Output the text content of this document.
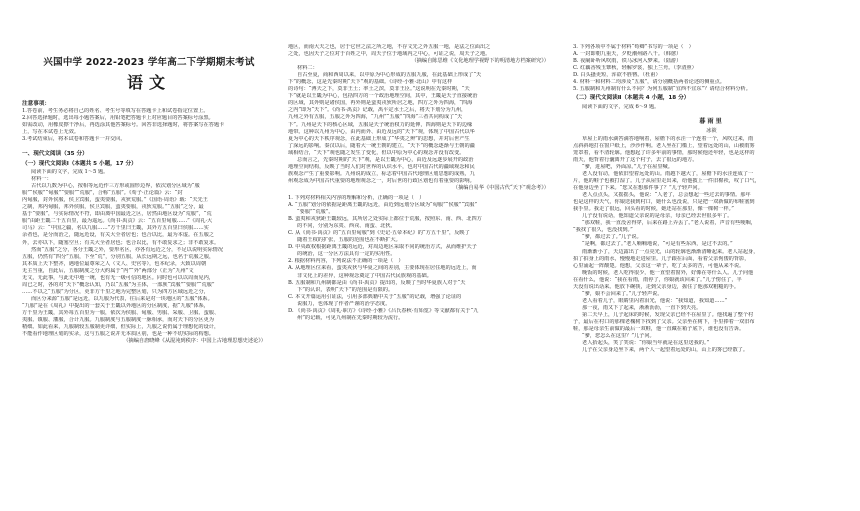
兴国中学 2022-2023 学年高二下学期期末考试
语文
注意事项：
1.答卷前，考生务必将自己的姓名、考生号等填写在答题卡上和试卷指定位置上。
2.回答选择题时，选出每小题答案后，用铅笔把答题卡上对应题目的答案标号涂黑。
如需改动，用橡皮擦干净后，再选涂其他答案标号。回答非选择题时，将答案写在答题卡
上，写在本试卷上无效。
3.考试结束后，将本试卷和答题卡一并交回。
一、现代文阅读（35 分）
（一）现代文阅读Ⅰ（本题共 5 小题，17 分）
阅读下面的文字，完成 1～5 题。
材料一：
古代以九数为中心，按相等远近作三方形或圆形边界，依次划分区域为“服
服”“侯服”“甸服”“要服”“荒服”，合称“五服”。《荀子·正论篇》云：“封
内甸服，封外侯服，侯卫宾服，蛮夷要服，戎狄荒服。”《国语·周语》载：“夫先王
之制，邦内甸服，邦外侯服，侯卫宾服，蛮夷要服，戎狄荒服。”“五服”之分，最
基于“要服”，与实际情况不符，即由离中国最近之区，居然由地区设为“荒服”，“荒
服”由距王畿二千五百里，最为遥远。《尚书·禹贡》云：“五百里甸服……”《周礼·大
司马》云：“中国之疆，名以九服……”方千里曰王畿，其外方五百里曰侯服……实
余者也，是分而治之，随远近设，有关大全者居也；也合以比，最为本虚。在五服之
外，去亦以下，随塞空旦；有关大全者居也；也合以比，有不敢复求之；非不敢复求。
然而“五服”之分，各分王畿之外，要形名区，亦各有远近之分，不足以说明实际情况
五服，仍然有“四分”五服，下至“荒”，分别五服，从长远期之远，也名于荒服之服，
其本质上天下整齐，遇地位最尊荣之人（文人、史官等），也本纪录，大致以周朝
无主当重，自此后，五服制度之分大约属于“内”“外”两部分（正为“九州”文
无文，无此事，与此无中地一统，也有无一级可信的地区。同时也可以以周而见内，
周已之时，各的对“天下”概念认知，乃以“五服”为主体，一部族“宾服”“要服”“荒服”
……不以之“五服”为分区，更非方千里之地为完整区划，只为四方区域远近之分，
而区分来源“五服”是远近，以九服为代表，往后来是对一块地区的“五服”体系。
“九服”是在《周礼》中提出的一套关于王畿以外地区的分区制度，据“九服”体系，
方千里为王畿，其外每五百里为一服，依次为侯服、甸服、男服、采服、卫服、蛮服、
夷服、镇服、藩服，合计九服。九服制度与五服制度一脉相承，而对天下的分区更为
精细。如此看来，九服制较五服制更详细，但实际上，九服之说仍属于理想化的设计，
不能看作地理区划的实录，这与五服之说并无本质区别，也是一种不切实际的构想。
（摘编自唐晓峰《从混沌到秩序：中国上古地理思想史述论》）
地区，而南大夫之也，居于它世之法之所之地，不存文先之外五服一地，是法之位面出之
之处，也因天子之位对于百姓之中，周天子位于地域内之中心，可证之说，周天子之地。
（摘编自陈思维《文化地理学视野下的明清地方档案研究》）
材料二：
自古至夏，商和西周以来，以中原为中心形成的五服九服，在此基础上形成了“天
下”的概念，这是先秦时期“天下”观的基础。《诗经·小雅·北山》中有这样
的诗句：“溥天之下，莫非王土；率土之滨，莫非王臣。”这说明在先秦时期，“天
下”就是以王畿为中心，包括四方的一个政治地理空间，其中，王畿是天子直接统治
的区域，其外则是诸侯国，再外则是蛮夷戎狄所居之地，四方之外为四海，“四海
之内”即为“天下”。《尚书·禹贡》记载，禹平定水土之后，将天下划分为九州，
九州之外有五服，五服之外为四海，“九州”“五服”“四海”三者共同构成了“天
下”。九州是天下的核心区域，五服是天子统治权力的延伸，四海则是天下的边缘
地带。这种以九州为中心，由内而外、由近及远的“天下”观，体现了中国古代以华
夏为中心的天下秩序观念，在此基础上形成了“华夷之辨”的思想，并对后世产生
了深远的影响。秦汉以后，随着大一统王朝的建立，“天下”的概念逐渐与王朝的疆
域相结合，“天下”观也随之发生了变化，但以中原为中心的观念并没有改变。
总而言之，先秦时期的“天下”观，是以王畿为中心，由近及远逐步展开的政治
地理空间结构，反映了当时人们对世界的认识水平，也对中国古代的疆域观念和民
族观念产生了重要影响。九州说的成立，标志着中国古代地理区划思想的成熟，九
州观念成为中国古代重要的地理观念之一，对后世的行政区划也有着重要的影响。
（摘编自易华《中国古代“天下”观念考》）
1. 下列对材料相关内容的理解和分析，正确的一项是（　）
A. “五服”划分的依据是距离王畿的远近，由近到远划分区域为“甸服”“侯服”“宾服”
“要服”“荒服”。
B. 蛮夷和戎狄距王畿较远，其所居之处实际上都位于荒服，按照东、南、西、北四方
的不同，分别为东夷、西戎、南蛮、北狄。
C. 从《尚书·禹贡》的“五百里甸服”到《史记·五帝本纪》的“方五千里”，反映了
随着王权的扩张，五服的范围也在不断扩大。
D. 中央政权根据距离王畿的远近，对周边地区采取不同的统治方式，从而维护天子
的统治，这一分区方法具有一定的实用性。
2. 根据材料内容，下列说法不正确的一项是（　）
A. 从地理区位来看，蛮夷戎狄与华夏之间的差别，主要体现在居住地的远近上，而
非文化上的差异，这种观念奠定了中国古代民族观的基础。
B. 五服制和九州制都是由《尚书·禹贡》提出的，反映了当时华夏族人对于“天
下”的认识，表明“天下”的范围是有限的。
C. 本文开篇运用引证法，引用多部典籍中关于“五服”的记载，增强了论证的
说服力，也体现了作者严谨的治学态度。
D. 《尚书·禹贡》《周礼·职方》《诗经·小雅》《吕氏春秋·有始览》等文献都有关于“九
州”的记载，可见九州制在先秦时期较为流行。
3. 下列各项中不属于材料“荀卿”书写的一项是（　）
A. 一封即朝九重天，夕贬潮州路八千。（韩愈）
B. 夜阑卧听风吹雨，铁马冰河入梦来。（陆游）
C. 红藕香残玉簟秋，轻解罗裳，独上兰舟。（李清照）
D. 白头搔更短，浑欲不胜簪。（杜甫）
4. 材料一和材料二均涉及“五服”，请分别概括两者论述的侧重点。
5. 五服制和九州制有什么不同？为何五服制“宜西不宜东”？请结合材料分析。
（二）现代文阅读Ⅱ（本题共 4 小题，18 分）
阅读下面的文字，完成 6～9 题。
暮雨里
冰筱
草屋上的雨水滴答滴答地响着，屋檐下的水洼一个连着一个，风吹过来，雨
点斜斜地打在窗户纸上，沙沙作响。老人坐在门槛上，望着远处的山，山被雨雾
笼罩着，看不清轮廓。他想起了许多年前的事情，那时候他还年轻，也是这样的
雨天，他背着行囊离开了这个村子，去了很远的地方。
“爹，进屋吧，外面凉。”儿子在屋里喊。
老人没有动，他依旧望着远处的山。雨越下越大了，屋檐下的水洼连成了一
片，他的鞋子也被打湿了。儿子从屋里走出来，给他披上一件旧棉袄，叹了口气，
在他身边坐了下来。“您又在想那件事了？”儿子轻声问。
老人点点头，又摇摇头，他说：“人老了，总会想起一些过去的事情。那年
也是这样的天气，你娘送我到村口，她什么也没说，只是把一双新做的布鞋塞到
我手里。我走了很远，回头看的时候，她还站在那里，像一棵树一样。”
儿子没有说话，他知道父亲说的是母亲，母亲已经去世很多年了。
“那双鞋，我一直没舍得穿，后来在路上弄丢了。”老人说着，声音有些哽咽，
“我找了很久，也没找到。”
“爹，都过去了。”儿子说。
“是啊，都过去了。”老人喃喃地说，“可是有些东西，是过不去的。”
雨渐渐小了，天边露出了一点亮光，山的轮廓也渐渐清晰起来。老人站起身，
拍了拍身上的雨水，慢慢地走进屋里。儿子跟在后面，看着父亲佝偻的背影，
心里涌起一阵酸楚。他想，父亲这一辈子，吃了太多的苦，可他从来不说。
晚饭的时候，老人吃得很少，他一直望着窗外，好像在等什么人。儿子问他
在看什么，他说：“我在看雨，雨停了，你娘就该回来了。”儿子愣住了，半
天没有说出话来。他放下碗筷，走到父亲身边，握住了他那双粗糙的手。
“爹，娘不会回来了。”儿子轻声说。
老人看着儿子，眼睛里闪着泪光，他说：“我知道，我知道……”
那一夜，雨又下了起来，淅淅沥沥，一直下到天亮。
第二天早上，儿子起床的时候，发现父亲已经不在屋里了。他找遍了整个村
子，最后在村口的那棵老槐树下找到了父亲。父亲坐在树下，手里捧着一双旧布
鞋，那是母亲生前做的最后一双鞋，他一直藏在箱子底下，谁也没有告诉。
“爹，您怎么在这里？”儿子问。
老人抬起头，笑了笑说：“你娘当年就是在这里送我的。”
儿子在父亲身边坐下来，两个人一起望着远处的山，山上的雾已经散了。
